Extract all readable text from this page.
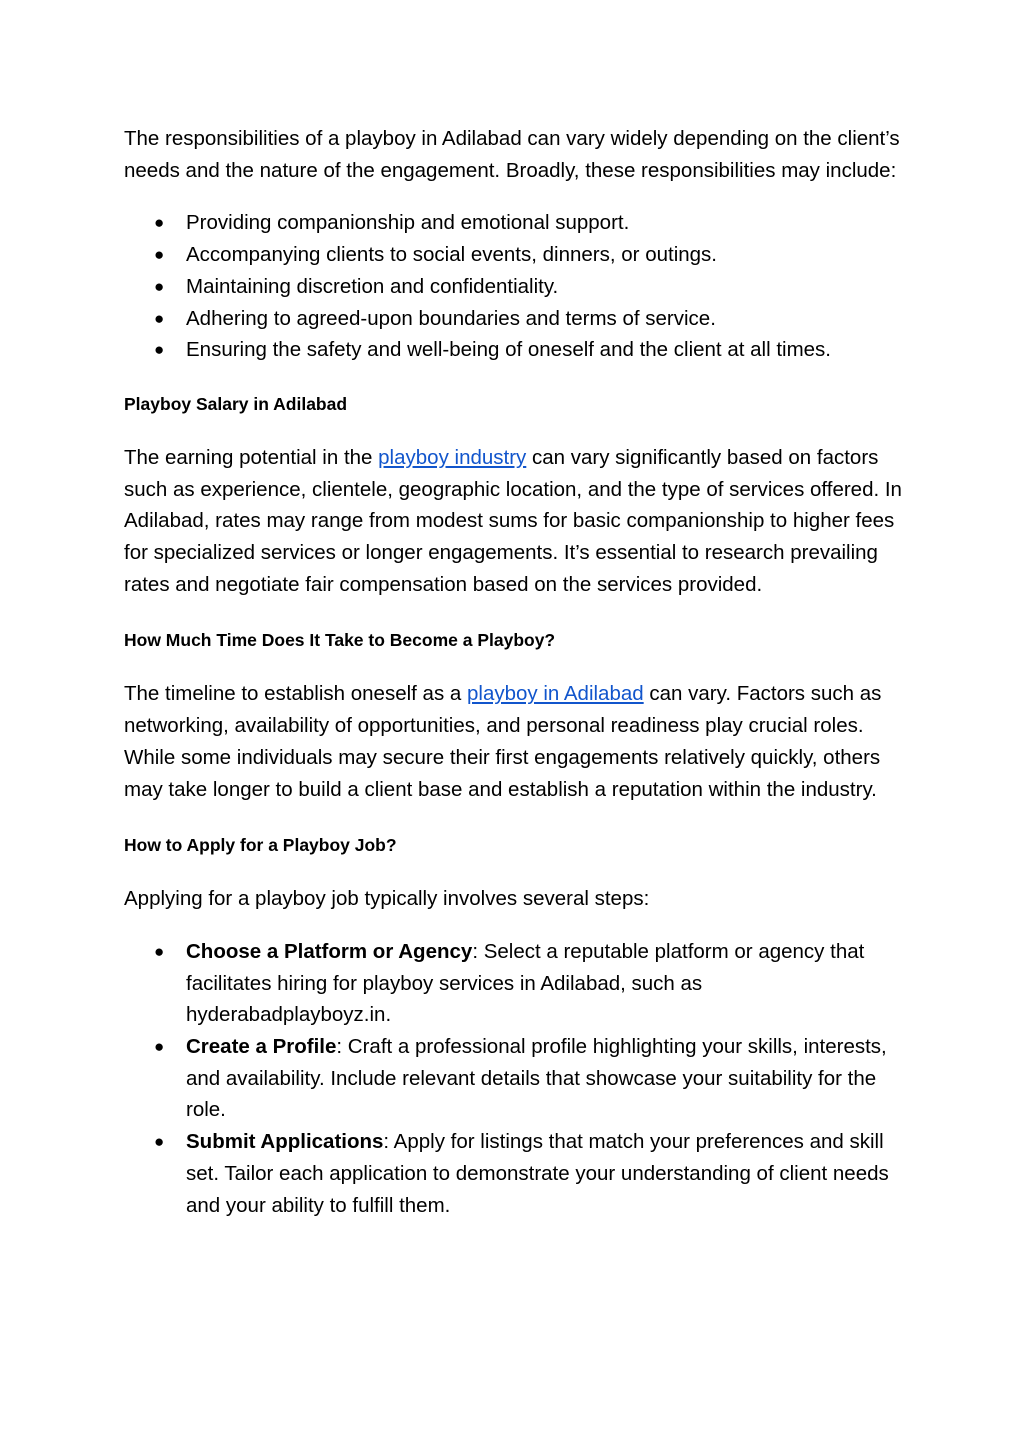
The responsibilities of a playboy in Adilabad can vary widely depending on the client’s needs and the nature of the engagement. Broadly, these responsibilities may include:

● Providing companionship and emotional support.
● Accompanying clients to social events, dinners, or outings.
● Maintaining discretion and confidentiality.
● Adhering to agreed-upon boundaries and terms of service.
● Ensuring the safety and well-being of oneself and the client at all times.
Playboy Salary in Adilabad

The earning potential in the playboy industry can vary significantly based on factors such as experience, clientele, geographic location, and the type of services offered. In Adilabad, rates may range from modest sums for basic companionship to higher fees for specialized services or longer engagements. It’s essential to research prevailing rates and negotiate fair compensation based on the services provided.

How Much Time Does It Take to Become a Playboy?

The timeline to establish oneself as a playboy in Adilabad can vary. Factors such as networking, availability of opportunities, and personal readiness play crucial roles. While some individuals may secure their first engagements relatively quickly, others may take longer to build a client base and establish a reputation within the industry.

How to Apply for a Playboy Job?

Applying for a playboy job typically involves several steps:

● Choose a Platform or Agency: Select a reputable platform or agency that facilitates hiring for playboy services in Adilabad, such as hyderabadplayboyz.in.
● Create a Profile: Craft a professional profile highlighting your skills, interests, and availability. Include relevant details that showcase your suitability for the role.
● Submit Applications: Apply for listings that match your preferences and skill set. Tailor each application to demonstrate your understanding of client needs and your ability to fulfill them.
